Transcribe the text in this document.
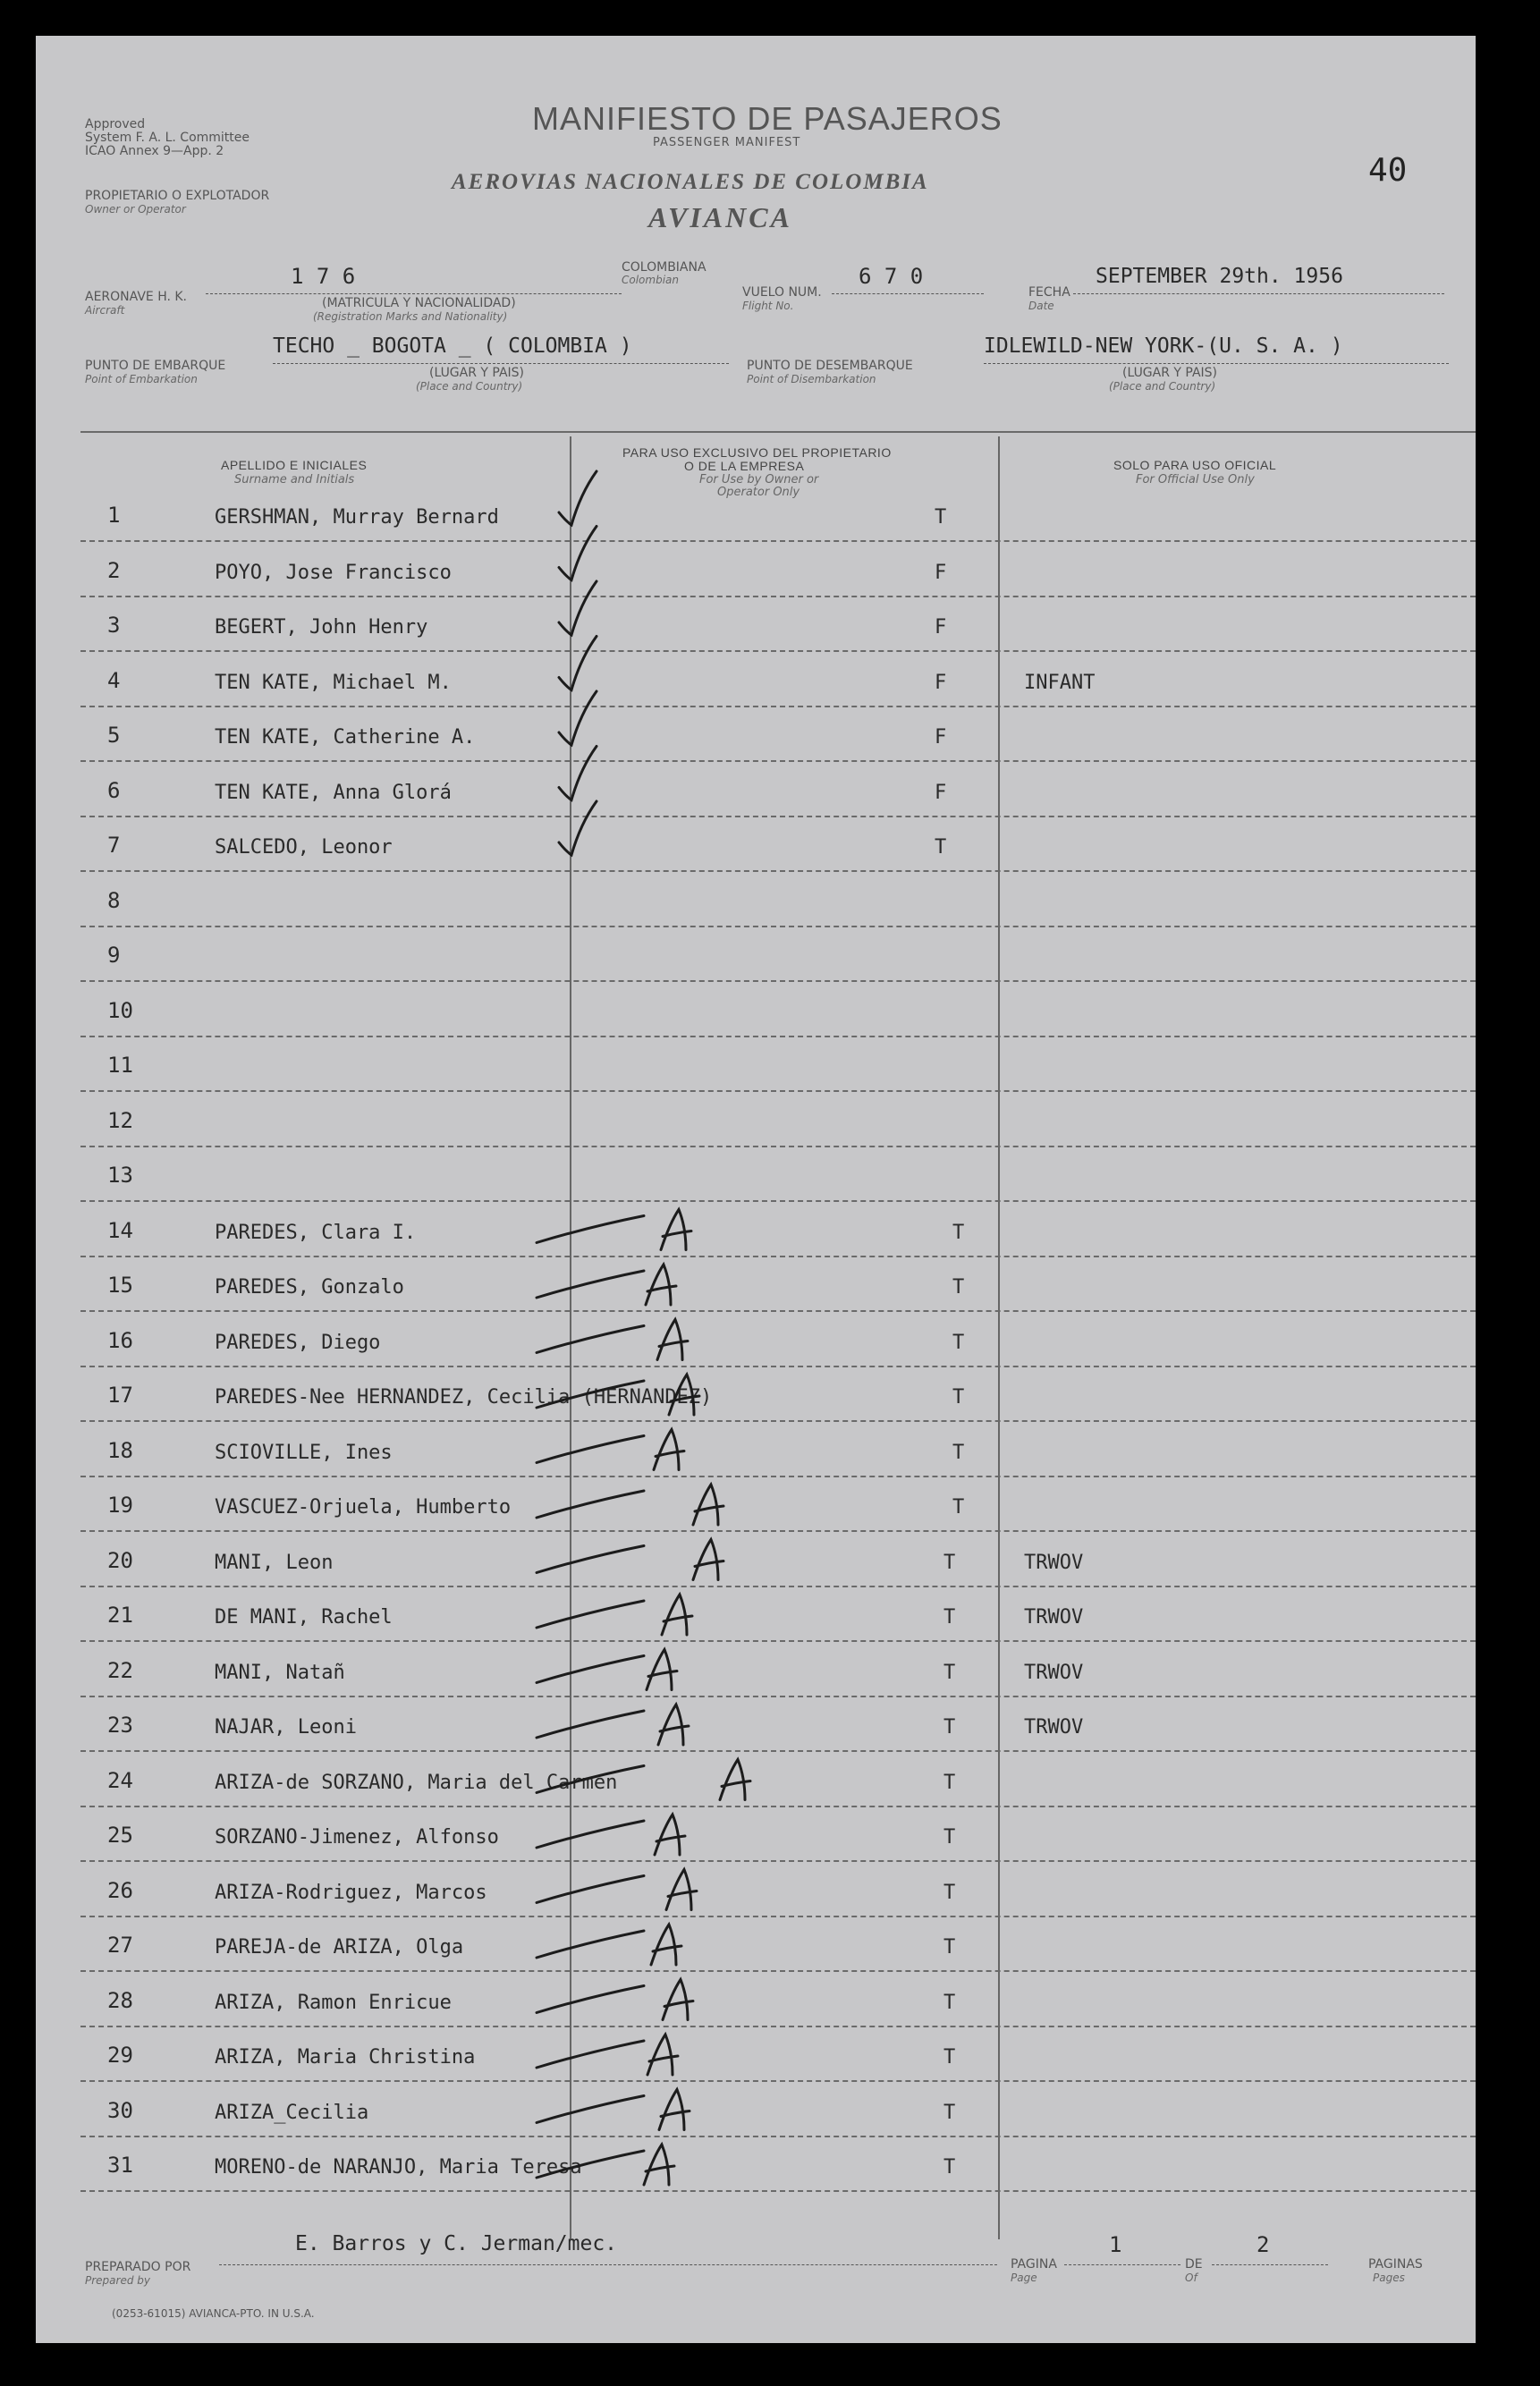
Approved
System F. A. L. Committee
ICAO Annex 9—App. 2
MANIFIESTO DE PASAJEROS
PASSENGER MANIFEST
AEROVIAS NACIONALES DE COLOMBIA
AVIANCA
40
PROPIETARIO O EXPLOTADOR
Owner or Operator
AERONAVE H. K.
Aircraft
1 7 6
(MATRICULA Y NACIONALIDAD)
(Registration Marks and Nationality)
COLOMBIANA
Colombian
VUELO NUM.
Flight No.
6 7 0
FECHA
Date
SEPTEMBER 29th. 1956
PUNTO DE EMBARQUE
Point of Embarkation
TECHO _ BOGOTA _ ( COLOMBIA )
(LUGAR Y PAIS)
(Place and Country)
PUNTO DE DESEMBARQUE
Point of Disembarkation
IDLEWILD-NEW YORK-(U. S. A. )
(LUGAR Y PAIS)
(Place and Country)
APELLIDO E INICIALES
Surname and Initials
PARA USO EXCLUSIVO DEL PROPIETARIO
O DE LA EMPRESA
For Use by Owner or
Operator Only
SOLO PARA USO OFICIAL
For Official Use Only
1	GERSHMAN, Murray Bernard	T
2	POYO, Jose Francisco	F
3	BEGERT, John Henry	F
4	TEN KATE, Michael M.	F	INFANT
5	TEN KATE, Catherine A.	F
6	TEN KATE, Anna Glorá	F
7	SALCEDO, Leonor	T
8
9
10
11
12
13
14	PAREDES, Clara I.	T
15	PAREDES, Gonzalo	T
16	PAREDES, Diego	T
17	PAREDES-Nee HERNANDEZ, Cecilia (HERNANDEZ)	T
18	SCIOVILLE, Ines	T
19	VASCUEZ-Orjuela, Humberto	T
20	MANI, Leon	T	TRWOV
21	DE MANI, Rachel	T	TRWOV
22	MANI, Natañ	T	TRWOV
23	NAJAR, Leoni	T	TRWOV
24	ARIZA-de SORZANO, Maria del Carmen	T
25	SORZANO-Jimenez, Alfonso	T
26	ARIZA-Rodriguez, Marcos	T
27	PAREJA-de ARIZA, Olga	T
28	ARIZA, Ramon Enricue	T
29	ARIZA, Maria Christina	T
30	ARIZA_Cecilia	T
31	MORENO-de NARANJO, Maria Teresa	T
PREPARADO POR
Prepared by
E. Barros y C. Jerman/mec.
PAGINA
Page
1
DE
Of
2
PAGINAS
Pages
(0253-61015) AVIANCA-PTO. IN U.S.A.
